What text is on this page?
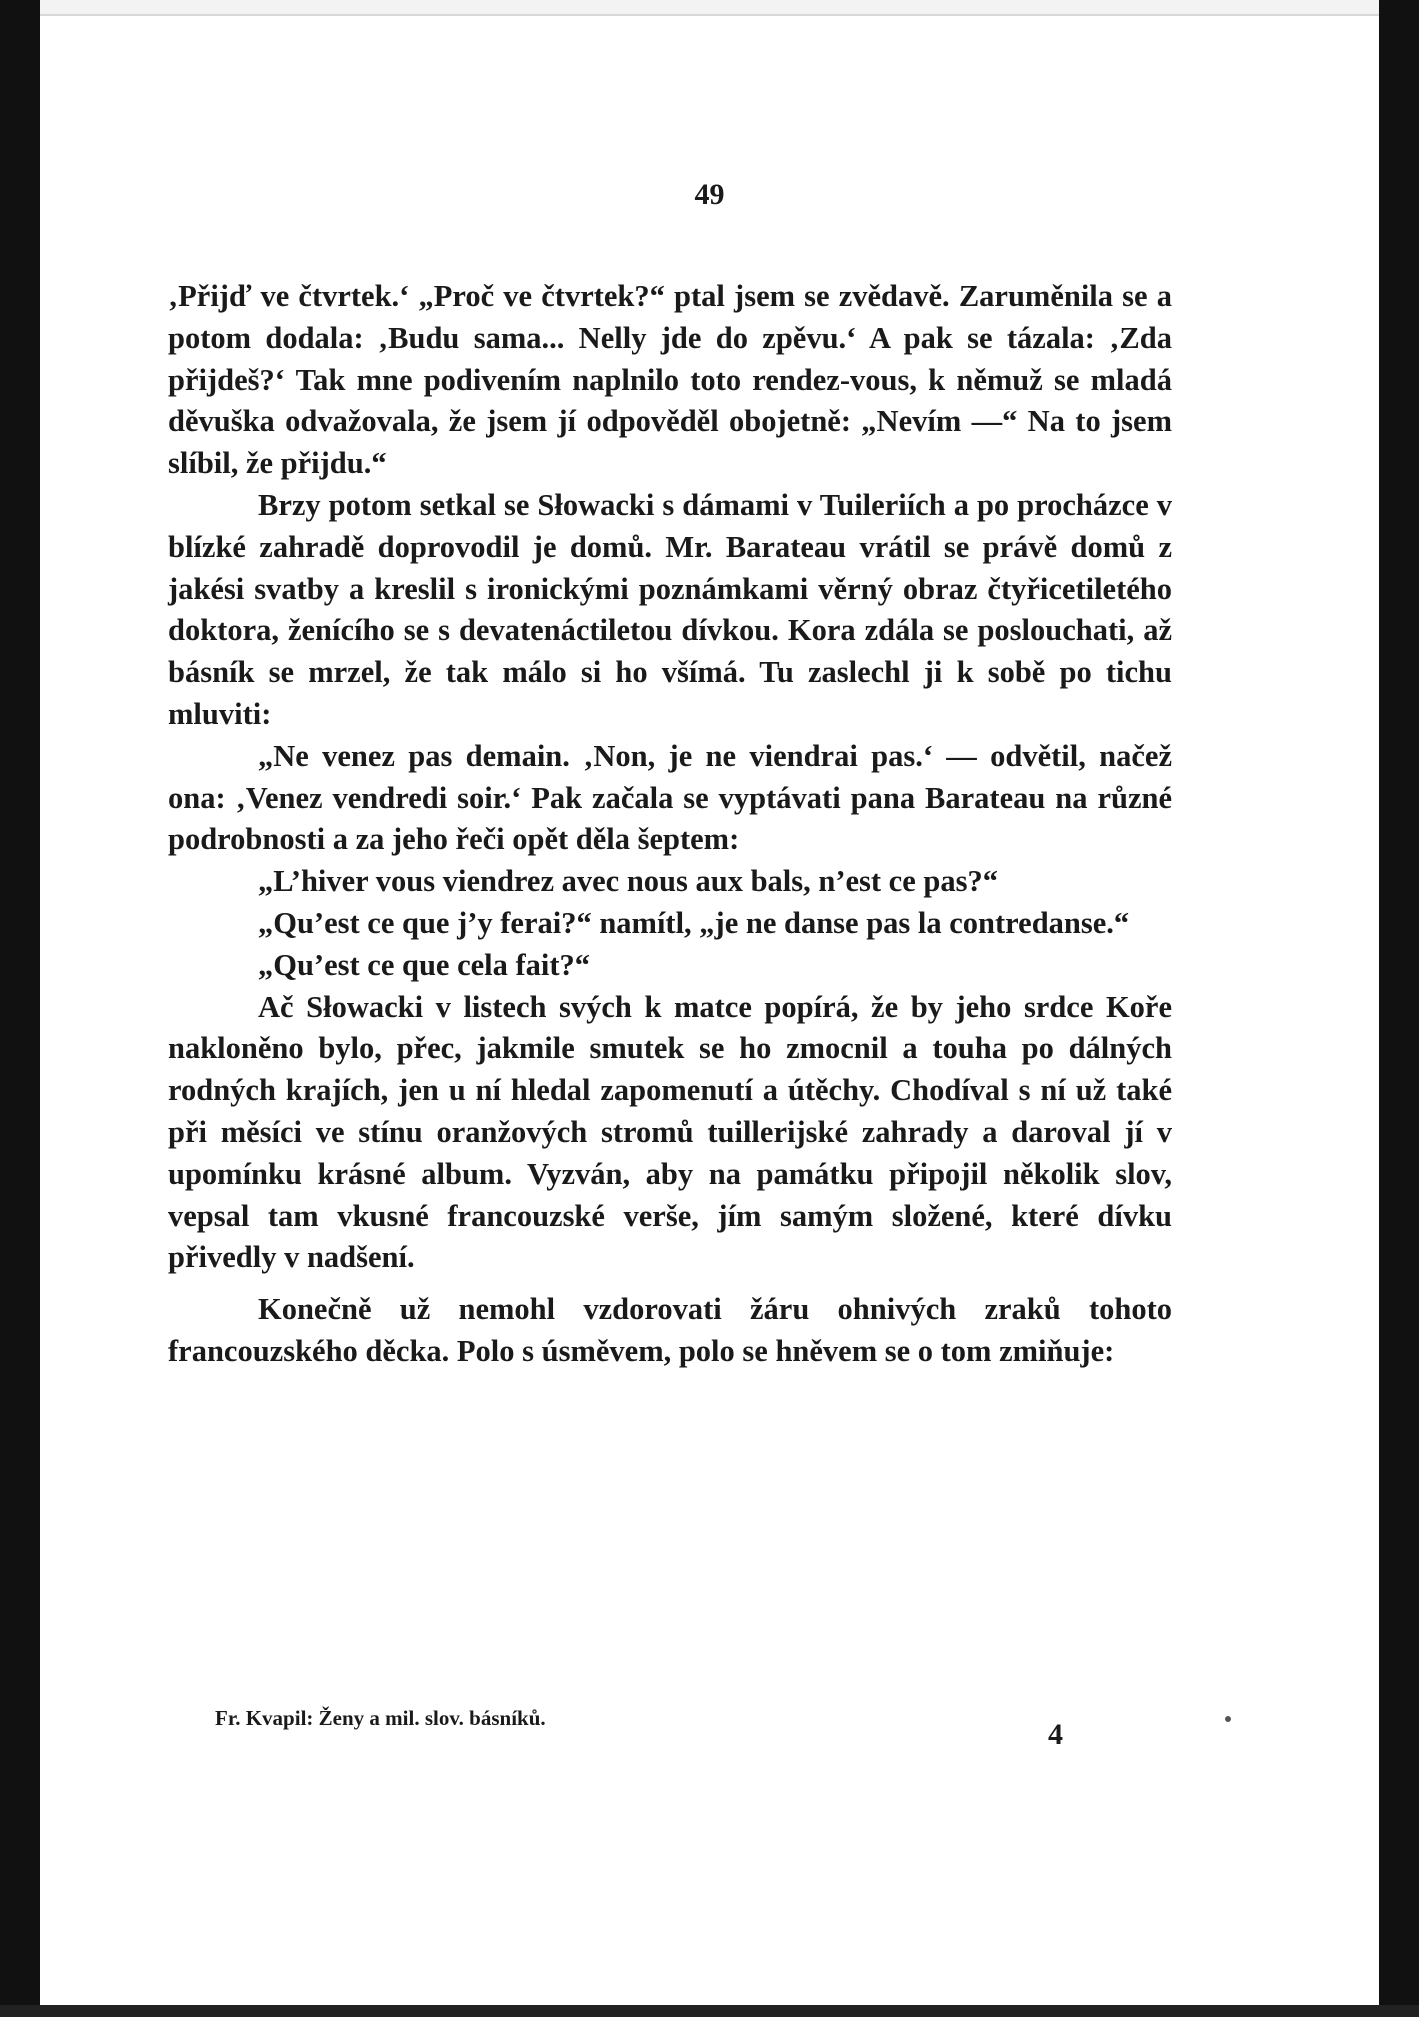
49

‚Přijď ve čtvrtek.‘ „Proč ve čtvrtek?“ ptal jsem se zvědavě. Zaruměnila se a potom dodala: ‚Budu sama... Nelly jde do zpěvu.‘ A pak se tázala: ‚Zda přijdeš?‘ Tak mne podivením naplnilo toto rendez-vous, k němuž se mladá děvuška odvažovala, že jsem jí odpověděl obojetně: „Nevím —“ Na to jsem slíbil, že přijdu.“

Brzy potom setkal se Słowacki s dámami v Tuileriích a po procházce v blízké zahradě doprovodil je domů. Mr. Barateau vrátil se právě domů z jakési svatby a kreslil s ironickými poznámkami věrný obraz čtyřicetiletého doktora, ženícího se s devatenáctiletou dívkou. Kora zdála se poslouchati, až básník se mrzel, že tak málo si ho všímá. Tu zaslechl ji k sobě po tichu mluviti:

„Ne venez pas demain. ‚Non, je ne viendrai pas.‘ — odvětil, načež ona: ‚Venez vendredi soir.‘ Pak začala se vyptávati pana Barateau na různé podrobnosti a za jeho řeči opět děla šeptem:

„L’hiver vous viendrez avec nous aux bals, n’est ce pas?“

„Qu’est ce que j’y ferai?“ namítl, „je ne danse pas la contredanse.“

„Qu’est ce que cela fait?“

Ač Słowacki v listech svých k matce popírá, že by jeho srdce Koře nakloněno bylo, přec, jakmile smutek se ho zmocnil a touha po dálných rodných krajích, jen u ní hledal zapomenutí a útěchy. Chodíval s ní už také při měsíci ve stínu oranžových stromů tuillerijské zahrady a daroval jí v upomínku krásné album. Vyzván, aby na památku připojil několik slov, vepsal tam vkusné francouzské verše, jím samým složené, které dívku přivedly v nadšení.

Konečně už nemohl vzdorovati žáru ohnivých zraků tohoto francouzského děcka. Polo s úsměvem, polo se hněvem se o tom zmiňuje:

Fr. Kvapil: Ženy a mil. slov. básníků.	4
